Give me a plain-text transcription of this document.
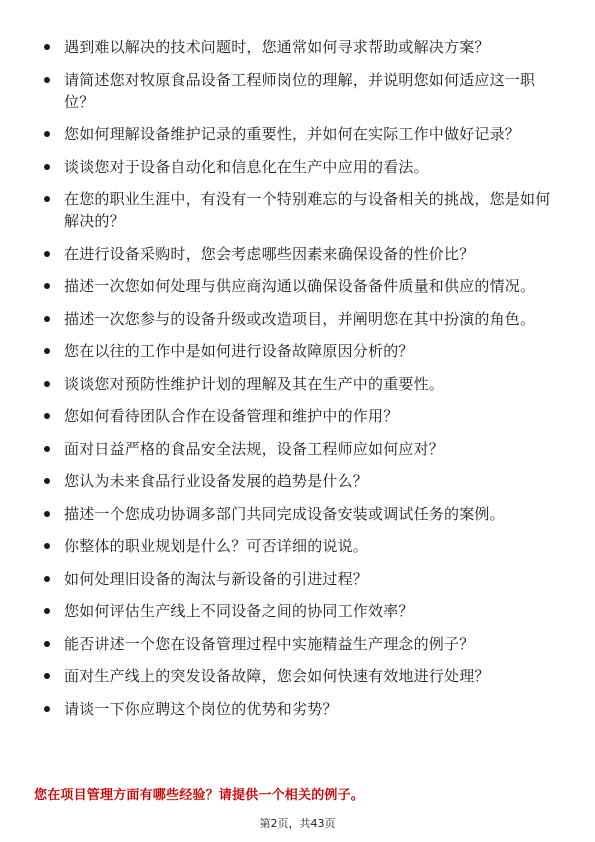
遇到难以解决的技术问题时，您通常如何寻求帮助或解决方案？
请简述您对牧原食品设备工程师岗位的理解，并说明您如何适应这一职位？
您如何理解设备维护记录的重要性，并如何在实际工作中做好记录？
谈谈您对于设备自动化和信息化在生产中应用的看法。
在您的职业生涯中，有没有一个特别难忘的与设备相关的挑战，您是如何解决的？
在进行设备采购时，您会考虑哪些因素来确保设备的性价比？
描述一次您如何处理与供应商沟通以确保设备备件质量和供应的情况。
描述一次您参与的设备升级或改造项目，并阐明您在其中扮演的角色。
您在以往的工作中是如何进行设备故障原因分析的？
谈谈您对预防性维护计划的理解及其在生产中的重要性。
您如何看待团队合作在设备管理和维护中的作用？
面对日益严格的食品安全法规，设备工程师应如何应对？
您认为未来食品行业设备发展的趋势是什么？
描述一个您成功协调多部门共同完成设备安装或调试任务的案例。
你整体的职业规划是什么？可否详细的说说。
如何处理旧设备的淘汰与新设备的引进过程？
您如何评估生产线上不同设备之间的协同工作效率？
能否讲述一个您在设备管理过程中实施精益生产理念的例子？
面对生产线上的突发设备故障，您会如何快速有效地进行处理？
请谈一下你应聘这个岗位的优势和劣势？
您在项目管理方面有哪些经验？请提供一个相关的例子。
第2页，共43页
